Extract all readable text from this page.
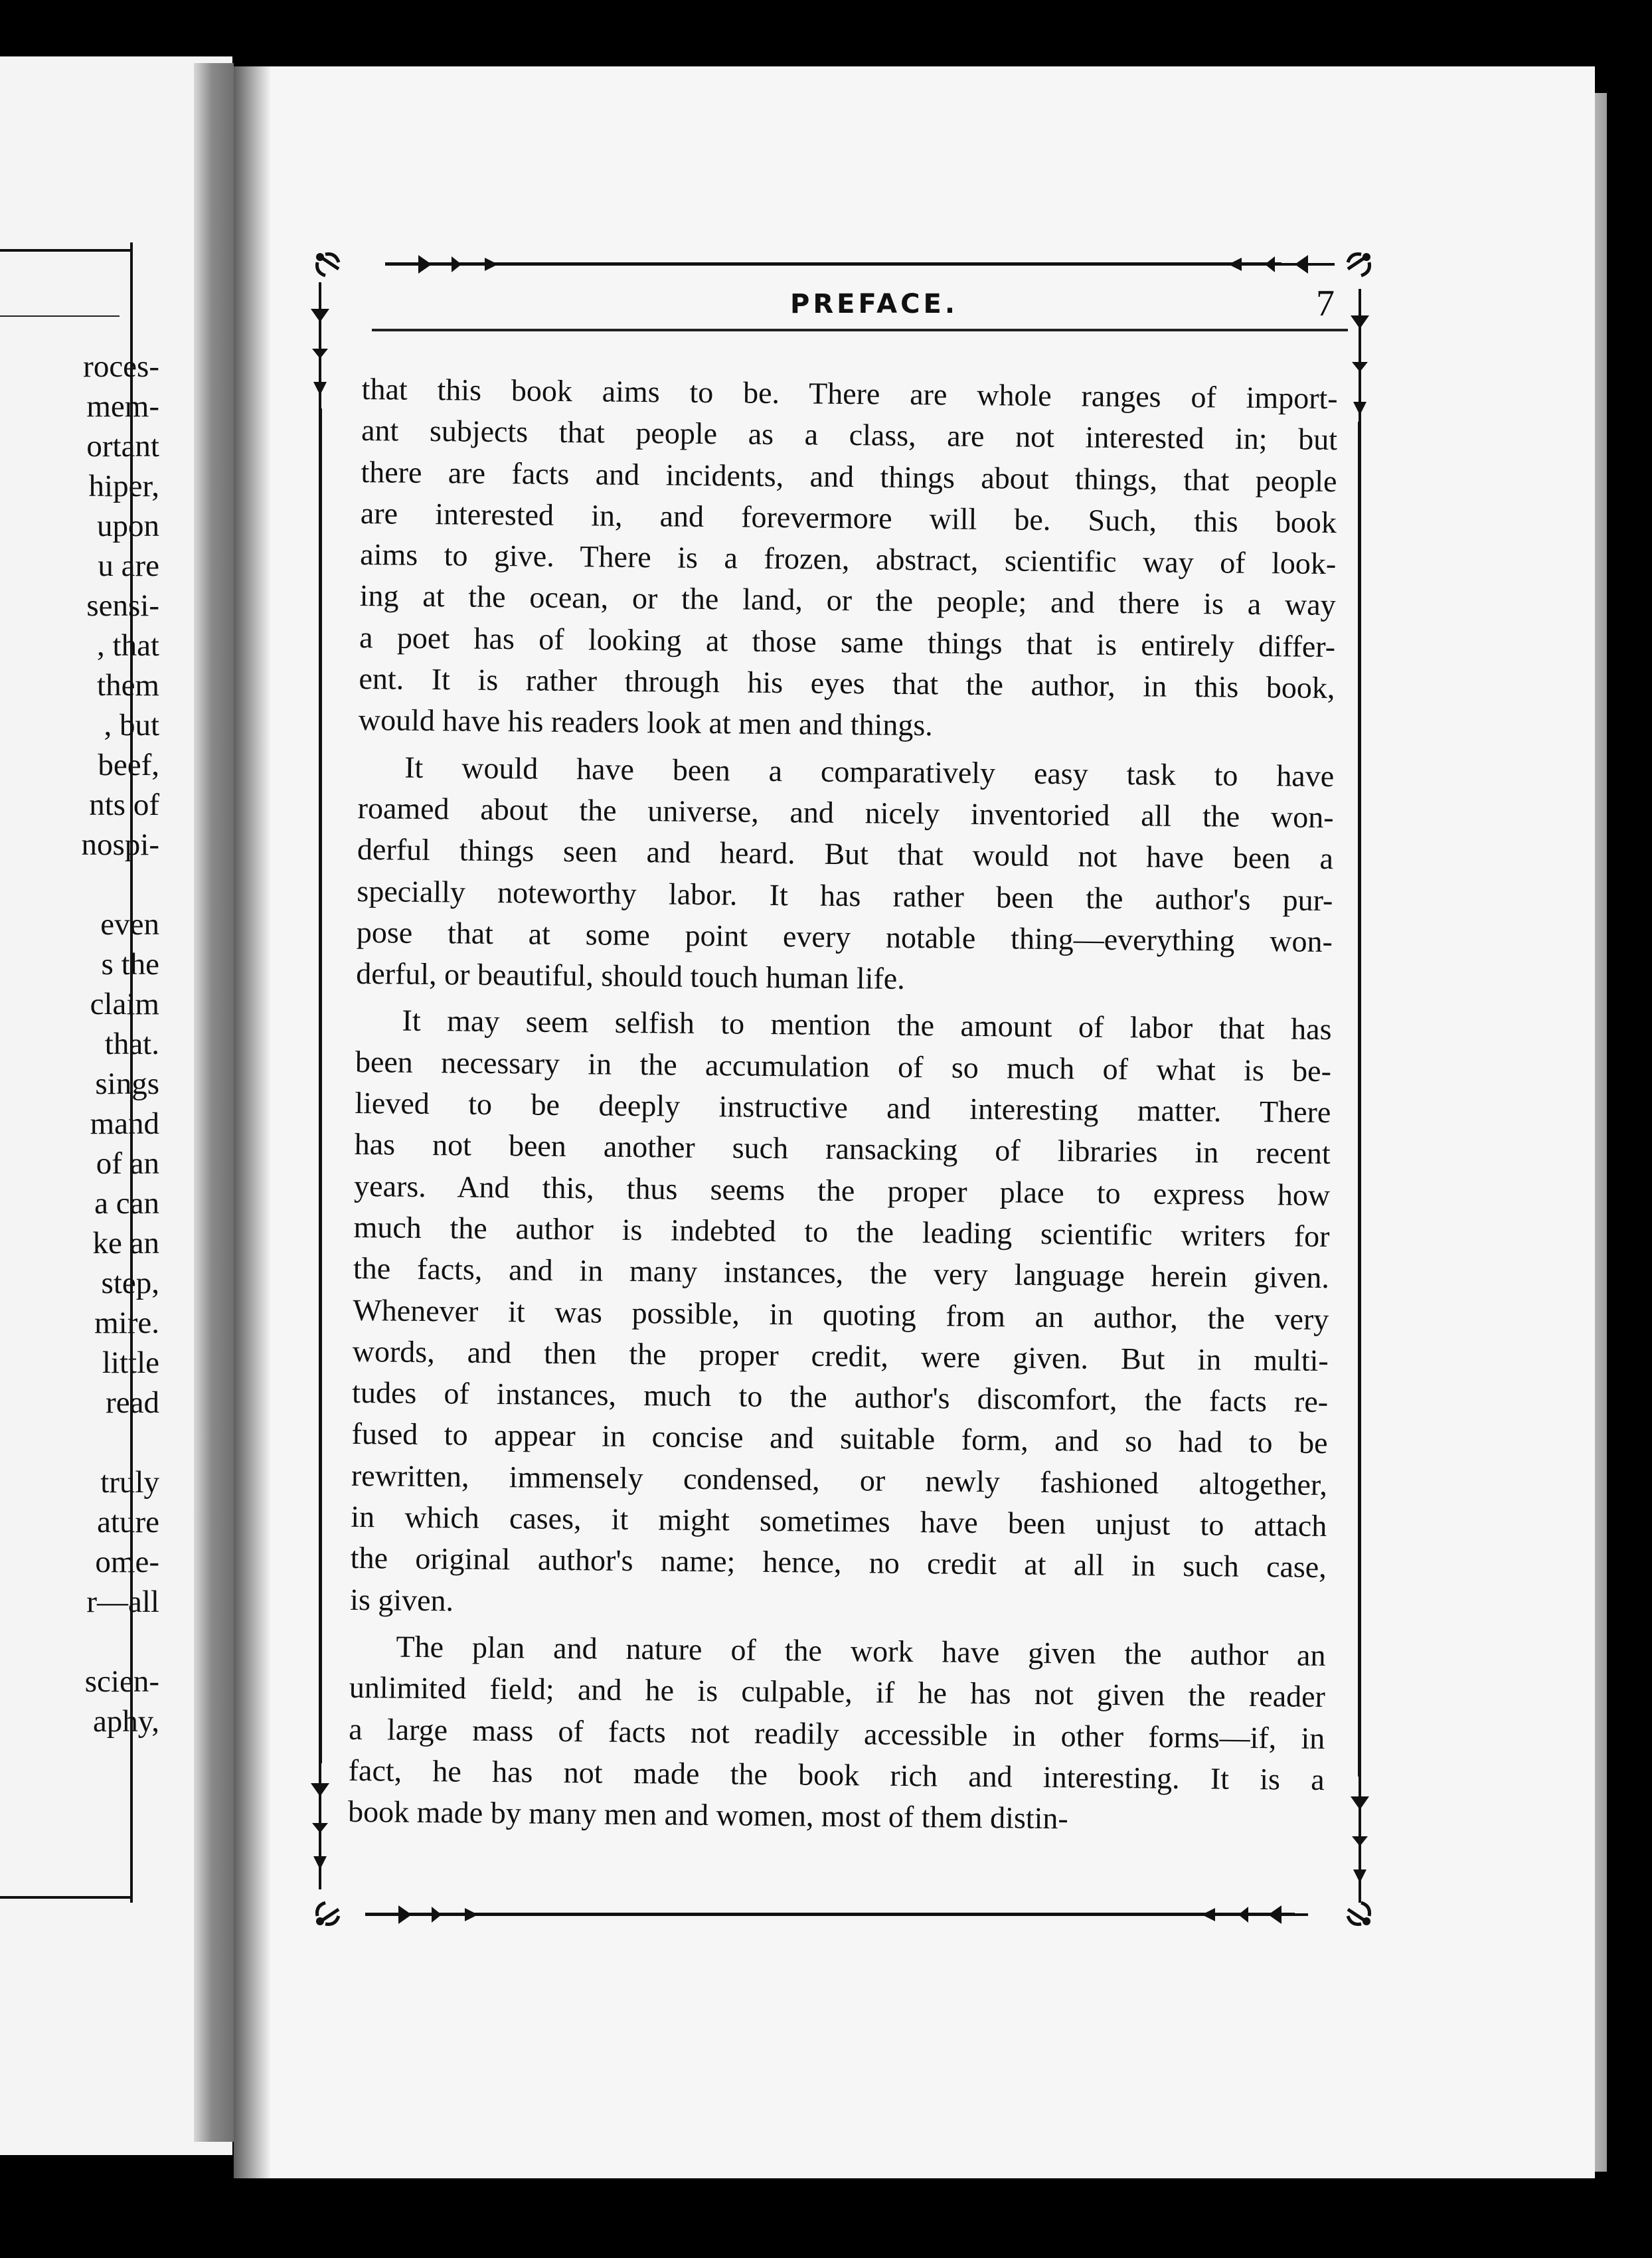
roces-
mem-
ortant
hiper,
upon
u are
sensi-
, that
them
, but
beef,
nts of
nospi-
even
s the
claim
that.
sings
mand
of an
a can
ke an
step,
mire.
little
read
truly
ature
ome-
r—all
scien-
aphy,
PREFACE.	7

that this book aims to be. There are whole ranges of import-
ant subjects that people as a class, are not interested in; but
there are facts and incidents, and things about things, that people
are interested in, and forevermore will be. Such, this book
aims to give. There is a frozen, abstract, scientific way of look-
ing at the ocean, or the land, or the people; and there is a way
a poet has of looking at those same things that is entirely differ-
ent. It is rather through his eyes that the author, in this book,
would have his readers look at men and things.

It would have been a comparatively easy task to have
roamed about the universe, and nicely inventoried all the won-
derful things seen and heard. But that would not have been a
specially noteworthy labor. It has rather been the author's pur-
pose that at some point every notable thing—everything won-
derful, or beautiful, should touch human life.

It may seem selfish to mention the amount of labor that has
been necessary in the accumulation of so much of what is be-
lieved to be deeply instructive and interesting matter. There
has not been another such ransacking of libraries in recent
years. And this, thus seems the proper place to express how
much the author is indebted to the leading scientific writers for
the facts, and in many instances, the very language herein given.
Whenever it was possible, in quoting from an author, the very
words, and then the proper credit, were given. But in multi-
tudes of instances, much to the author's discomfort, the facts re-
fused to appear in concise and suitable form, and so had to be
rewritten, immensely condensed, or newly fashioned altogether,
in which cases, it might sometimes have been unjust to attach
the original author's name; hence, no credit at all in such case,
is given.

The plan and nature of the work have given the author an
unlimited field; and he is culpable, if he has not given the reader
a large mass of facts not readily accessible in other forms—if, in
fact, he has not made the book rich and interesting. It is a
book made by many men and women, most of them distin-
